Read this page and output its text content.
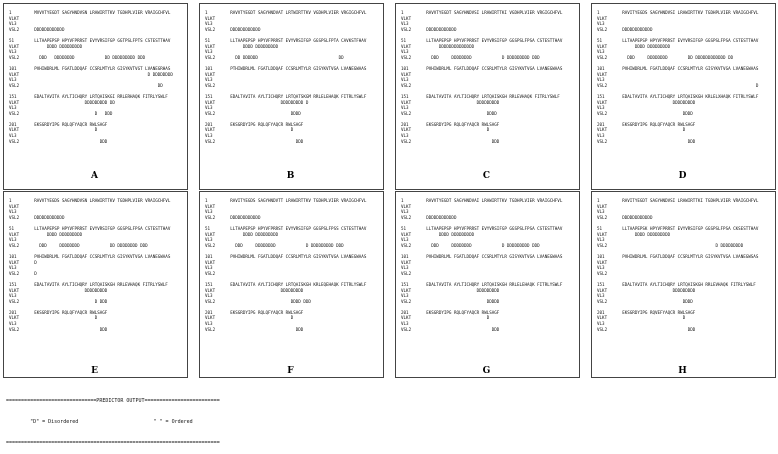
1         MVVVTYEGDT SAGYHNDVSN LRAWIRTTKV TGDHPLVIER VRAIGCHFVL
VLKT
VL3
VSL2      DDDDDDDDDDDD

51        LLTAAPEPSP HPYVFPRRST EVYVRSIFGP GGTPSLFPTS CSTESTTHAV
VLKT           DDDD DDDDDDDDD
VL3
VSL2        DDD   DDDDDDDD            DD DDDDDDDDD DDD

101       PVHIWDRLML FGATLDDQAF CCSRLMTYLR GISYKVTVGT LVANEGRHAS
VLKT                                                   D DDDDDDDD
VL3
VSL2                                                       DD

151       EDALTAVITA AYLTICHQRY LRTQAISKGI RRLERHAQK FITRLYSWLF
VLKT                          DDDDDDDDD DD
VL3
VSL2                              D   DDD

201       EKSGRDYIPG RQLQFYAQCR RWLSAGF
VLKT                              D
VL3
VSL2                                DDD
A
1         RAVVTYEGDT SAGYHNDVAT LRTWIRTTKV VGDHPLVIER VRGIGCHFVL
VLKT
VL3
VSL2      DDDDDDDDDDDD

51        LLTAAPEPSP HPYVFPRRST EVYVRSIFGP GGSPSLFPTA CAVKSTFHAV
VLKT           DDDD DDDDDDDDD
VL3
VSL2        DD DDDDDD                                DD

101       PTHIWDRLML FGATLDDQAF CCSRLMTYLR GISYKVTVGA LVANEGWAAS
VLKT
VL3
VSL2

151       EDALTAVITA AYLTICHQRY LRTQATSKGM RRLELEHAQK FITRLYSWLF
VLKT                          DDDDDDDDD D
VL3
VSL2                              DDDD

201       EKSGRDYIPG RQLQFYAQCR RWLSAGF
VLKT                              D
VL3
VSL2                                DDD
B
1         RAVVTYEGDT SAGYHNDVSI LRAWIRTTKI VGDHPLVIER VRGIGCHFVL
VLKT
VL3
VSL2      DDDDDDDDDDDD

51        LLTAAPEPSP HPYVFPRRST EVYVRSIFGP GGSPSLFPSA CSTESTTHAV
VLKT           DDDDDDDDDDDDDD
VL3
VSL2        DDD     DDDDDDDD            D DDDDDDDDD DDD

101       PVHIWDRLML FGATLDDQAF CCSRLMTYLR GISYKVTVGA LVANEGWAAS
VLKT
VL3
VSL2

151       EDALTAVITA AYLTICHQRY LRTQAISKGH RRLEVHAQK FITRLYSWLF
VLKT                          DDDDDDDDD
VL3
VSL2                              DDDD

201       EKSGRDYIPG RQLQFYAQCR RWLSAGF
VLKT                              D
VL3
VSL2                                DDD
C
1         RAVITYEGDS SAGYHNDVSI LRAWIRTTKV TGDHPLVIER VRAIGCHFVL
VLKT
VL3
VSL2      DDDDDDDDDDDD

51        LLTAAPEPSP HPYVFPRRST EVYVRSIFGP GGSPSLFPSA CSTESTTHAV
VLKT           DDDD DDDDDDDDD
VL3
VSL2        DDD     DDDDDDDD        DD DDDDDDDDDDDD DD

101       PVHIWDRLML FGATLDDQAF CCSRLMTYLR GISYKVTVGA LVANEGWAAS
VLKT
VL3
VSL2                                                           D

151       EDALTAVITA AYLTICHQRY LRTQAISKGH KRLELXHAQK FITRLYSWLF
VLKT                          DDDDDDDDD
VL3
VSL2                              DDDD

201       EKSGRDYIPG RQLQFYAQCR RWLSAGF
VLKT                              D
VL3
VSL2                                DDD
D
1         RAVVTYEGDS SAGYHNDVSN LRAWIRTTKV TGDHPLVIER VRAIGCHFVL
VLKT
VL3
VSL2      DDDDDDDDDDDD

51        LLTAAPEPSP HPYVFPRRST EVYVRSIFGP GGSPSLFPSA CSTESTTHAV
VLKT           DDDD DDDDDDDDD
VL3
VSL2        DDD     DDDDDDDD            DD DDDDDDDD DDD

101       PVHIWDRLML FGATLDDQAF CCSRLMTYLR GISYKVTVGA LVANEGWAAS
VLKT      D
VL3
VSL2      D

151       EDALTAVITA AYLTICHQRY LRTQAISKGH RRLEVHAQK FITRLYSWLF
VLKT                          DDDDDDDDD
VL3
VSL2                              D DDD

201       EKSGRDYIPG RQLQFYAQCR RWLSAGF
VLKT                              D
VL3
VSL2                                DDD
E
1         RAVITYEGDS SAGYHNDVTT LRAWIRTTKV TGDHPLVIER VRAIGCHFVL
VLKT
VL3
VSL2      DDDDDDDDDDDD

51        LLTAAPEPSP HPYVFPRRST EVYVRSIFGP GGSPSLFPSS CSTESTTHAV
VLKT           DDDD DDDDDDDDD
VL3
VSL2        DDD     DDDDDDDD            D DDDDDDDDD DDD

101       PVHIWDRLML FGATLDDQAF CCSRLMTYLR GISYKVTVGA LVANEGWAAS
VLKT
VL3
VSL2

151       EDALTAVITA AYLTICHQRY LRTQAISKGH KRLEQEHAQK FITRLYSWLF
VLKT                          DDDDDDDDD
VL3
VSL2                              DDDD DDD

201       EKSGRDYIPG RQLQFYAQCR RWLSAGF
VLKT                              D
VL3
VSL2                                DDD
F
1         RAVVTYEGDT SAGYHNDVAI LRAWIRTTKV TGDHPLVIER VRAIGCHFVL
VLKT
VL3
VSL2      DDDDDDDDDDDD

51        LLTAAPEPSP HPYVFPRRST EVYVRSIFGP GGSPSLFPSA CSTESTTHAV
VLKT           DDDD DDDDDDDDD
VL3
VSL2        DDD     DDDDDDDD            D DDDDDDDDD DDD

101       PVHIWDRLML FGATLDDQAF CCSRLMTYLR GISYKVTVGA LVANEGWAAS
VLKT
VL3
VSL2

151       EDALTAVITA AYLTICHQRY LRTQAISKGH RRLELEHAQK FITRLYSWLF
VLKT                          DDDDDDDDD
VL3
VSL2                              DDDDD

201       EKSGRDYIPG RQLQFYAQCR RWLSAGF
VLKT                              D
VL3
VSL2                                DDD
G
1         RAVITYEGDT SAGYHNDVSI LRAWIRTTKI TGDHPLVIER VRAIGCHFVL
VLKT
VL3
VSL2      DDDDDDDDDDDD

51        LLTAAPEPSK HPYVFPRRST EVYVRSIFGP GGSPSLFPSA CKSESTTHAV
VLKT           DDDD DDDDDDDDD
VL3
VSL2                                           D DDDDDDDDD

101       PVHIWDRLML FGATLDDQAF CCSRLMTYLR GISYKVTVGA LVANEGWSAS
VLKT
VL3
VSL2

151       EDALTAVITA AYLTICHQRY LRTQAISKGH RRLEVHAQK FITRLYSWLF
VLKT                          DDDDDDDDD
VL3
VSL2                              DDDD

201       EKSGRDYIPG RQVEFYAQCR RWLSAGF
VLKT                              D
VL3
VSL2                                DDD
H

==============================PREDICTOR OUTPUT=========================

"D" = Disordered                         " " = Ordered

=======================================================================
